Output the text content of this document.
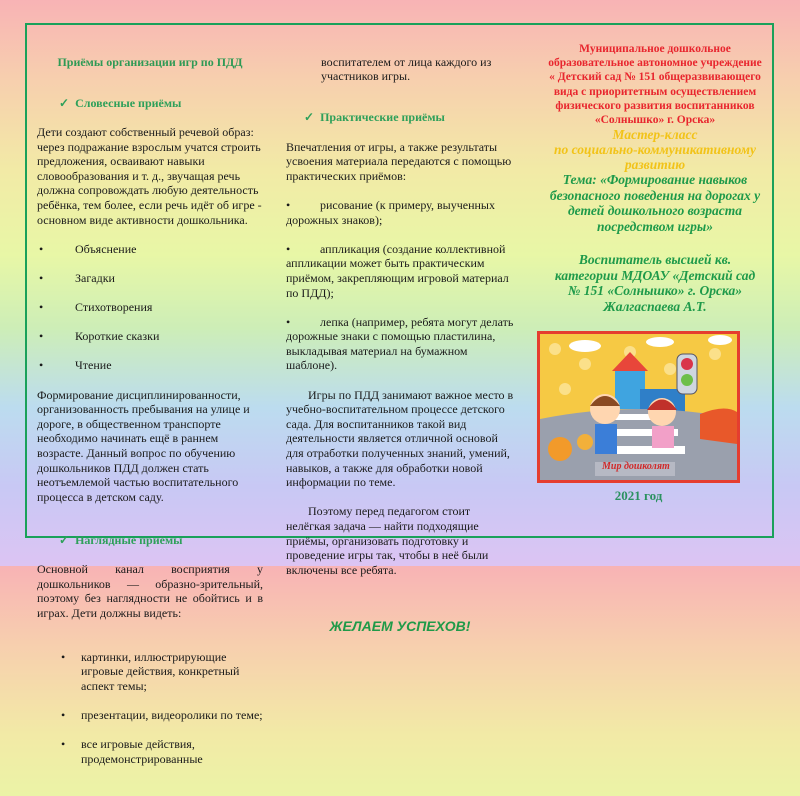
Приёмы организации игр по ПДД

✓ Словесные приёмы

Дети создают собственный речевой образ: через подражание взрослым учатся строить предложения, осваивают навыки словообразования и т. д., звучащая речь должна сопровождать любую деятельность ребёнка, тем более, если речь идёт об игре - основном виде активности дошкольника.

•	Объяснение

•	Загадки

•	Стихотворения

•	Короткие сказки

•	Чтение

Формирование дисциплинированности, организованность пребывания на улице и дороге, в общественном транспорте необходимо начинать ещё в раннем возрасте. Данный вопрос по обучению дошкольников ПДД должен стать неотъемлемой частью воспитательного процесса в детском саду.

✓ Наглядные приёмы

Основной канал восприятия у дошкольников — образно-зрительный, поэтому без наглядности не обойтись и в играх. Дети должны видеть:

• картинки, иллюстрирующие игровые действия, конкретный аспект темы;

• презентации, видеоролики по теме;

• все игровые действия, продемонстрированные

воспитателем от лица каждого из участников игры.

✓ Практические приёмы

Впечатления от игры, а также результаты усвоения материала передаются с помощью практических приёмов:

• рисование (к примеру, выученных дорожных знаков);

• аппликация (создание коллективной аппликации может быть практическим приёмом, закрепляющим игровой материал по ПДД);

• лепка (например, ребята могут делать дорожные знаки с помощью пластилина, выкладывая материал на бумажном шаблоне).

Игры по ПДД занимают важное место в учебно-воспитательном процессе детского сада. Для воспитанников такой вид деятельности является отличной основой для отработки полученных знаний, умений, навыков, а также для обработки новой информации по теме.

Поэтому перед педагогом стоит нелёгкая задача — найти подходящие приёмы, организовать подготовку и проведение игры так, чтобы в неё были включены все ребята.

ЖЕЛАЕМ УСПЕХОВ!

Муниципальное дошкольное
образовательное автономное учреждение
« Детский сад № 151 общеразвивающего
вида с приоритетным осуществлением
физического развития воспитанников
«Солнышко» г. Орска»
Мастер-класс
по социально-коммуникативному
развитию
Тема: «Формирование навыков
безопасного поведения на дорогах у
детей дошкольного возраста
посредством игры»
Воспитатель высшей кв.
категории МДОАУ «Детский сад
№ 151 «Солнышко» г. Орска»
Жалгаспаева А.Т.
Мир дошколят
2021 год
